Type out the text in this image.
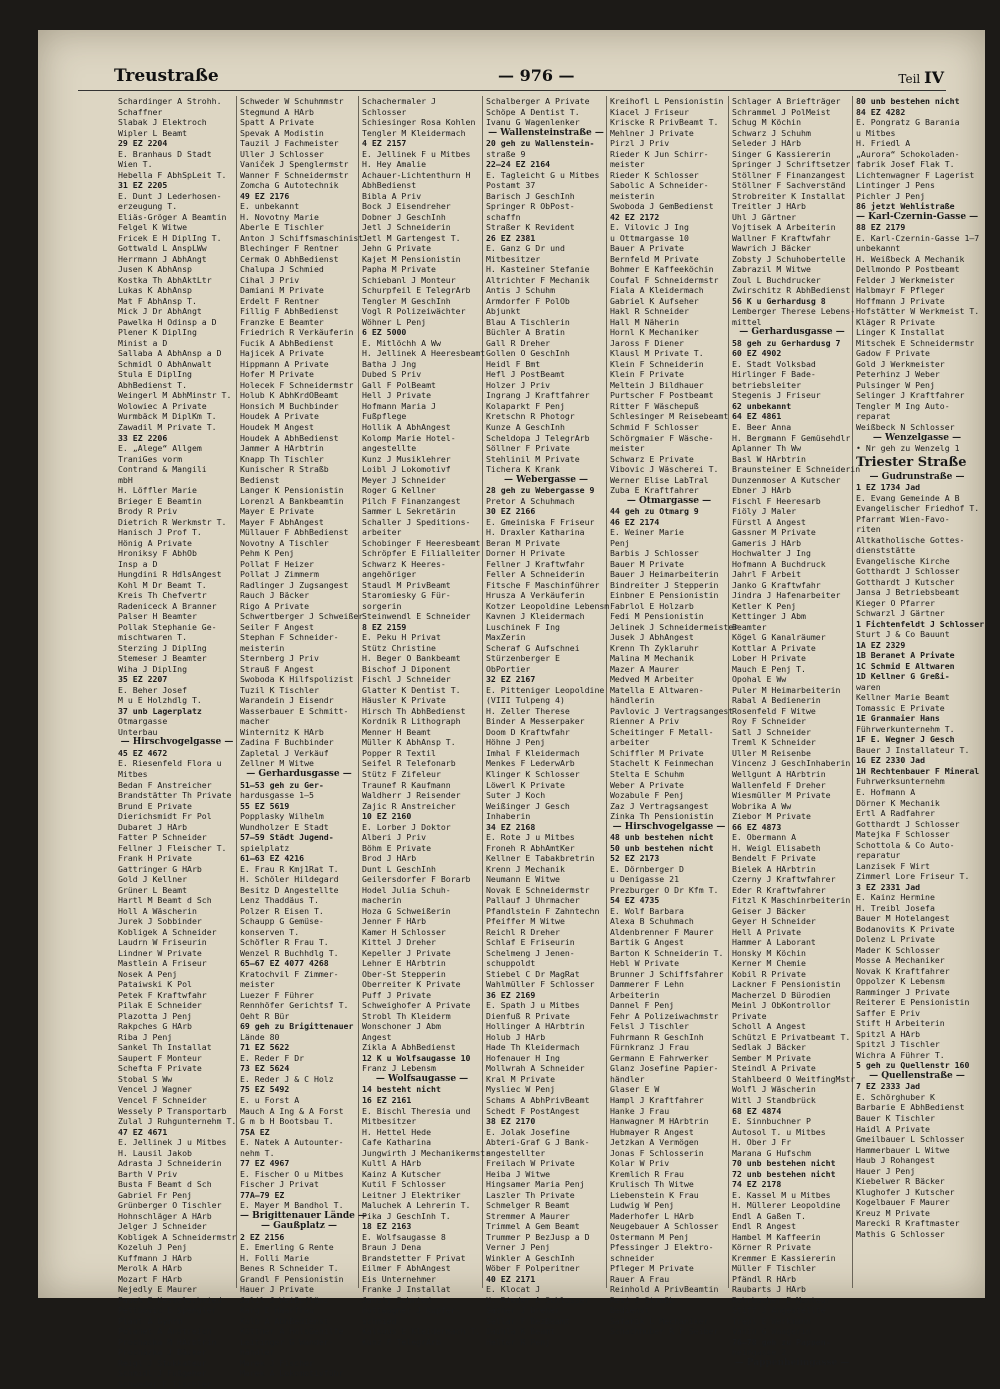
Treustraße	— 976 —	Teil IV
Schardinger A Strohh.
Schaffner
Slabak J Elektroch
Wipler L Beamt
29 EZ 2204
E. Branhaus D Stadt
Wien T.
Hebella F AbhSpLeit T.
31 EZ 2205
E. Dunt J Lederhosen-
erzeugung T.
Eliäs-Gröger A Beamtin
Felgel K Witwe
Fricek E H DiplIng T.
Gottwald L AnspLWw
Herrmann J AbhAngt
Jusen K AbhAnsp
Kostka Th AbhAktLtr
Lukas K AbhAnsp
Mat F AbhAnsp T.
Mick J Dr AbhAngt
Pawelka H Odinsp a D
Plener K DiplIng
Minist a D
Sallaba A AbhAnsp a D
Schmidl O AbhAnwalt
Stula E DiplIng
AbhBedienst T.
Weingerl M AbhMinstr T.
Wolowiec A Private
Wurmbäck M DiplKm T.
Zawadil M Private T.
33 EZ 2206
E. „Alege“ Allgem
TraniGes vorm
Contrand & Mangili
mbH
H. Löffler Marie
Brieger E Beamtin
Brody R Priv
Dietrich R Werkmstr T.
Hanisch J Prof T.
Hönig A Private
Hroniksy F AbhOb
Insp a D
Hungdini R HdlsAngest
Kohl M Dr Beamt T.
Kreis Th Chefvertr
Radeniceck A Branner
Palser H Beamter
Pollak Stephanie Ge-
mischtwaren T.
Sterzing J DiplIng
Stemeser J Beamter
Wiha J DiplIng
35 EZ 2207
E. Beher Josef
M u E Holzhdlg T.
37 unb Lagerplatz
Otmargasse
Unterbau
— Hirschvogelgasse —
45 EZ 4672
E. Riesenfeld Flora u
Mitbes
Bedan F Anstreicher
Brandstätter Th Private
Brund E Private
Dierichsmidt Fr Pol
Dubaret J HArb
Fatter P Schneider
Fellner J Fleischer T.
Frank H Private
Gattringer G HArb
Gold J Kellner
Grüner L Beamt
Hartl M Beamt d Sch
Holl A Wäscherin
Jurek J Sobbinder
Kobligek A Schneider
Laudrn W Friseurin
Lindner W Private
Mastlein A Friseur
Nosek A Penj
Pataiwski K Pol
Petek F Kraftwfahr
Pilak E Schneider
Plazotta J Penj
Rakpches G HArb
Riba J Penj
Sankel Th Installat
Saupert F Monteur
Schefta F Private
Stobal S Ww
Vencel J Wagner
Vencel F Schneider
Wessely P Transportarb
Zulal J Ruhgunternehm T.
47 EZ 4671
E. Jellinek J u Mitbes
H. Lausil Jakob
Adrasta J Schneiderin
Barth V Priv
Busta F Beamt d Sch
Gabriel Fr Penj
Grünberger O Tischler
Hohnschläger A HArb
Jelger J Schneider
Kobligek A Schneidermstr
Kozeluh J Penj
Kuffmann J HArb
Merolk A HArb
Mozart F HArb
Nejedly E Maurer
Pauek E Kesselschmied
Pettbovic E Spengler
Plant A Gymrm
Polanet A Anstreich
Prochaska M HArbtrin
Procházka J Bäcker
Reigl J Stukkateur
Schmidl J Fußgeher
Schweder F Tischler
Schweder W Schuhmmstr
Stegmund A HArb
Spatt A Private
Spevak A Modistin
Tauzil J Fachmeister
Uller J Schlosser
Vaniček J Spenglermstr
Wanner F Schneidermstr
Zomcha G Autotechnik
49 EZ 2176
E. unbekannt
H. Novotny Marie
Aberle E Tischler
Anton J Schiffsmaschinist
Blechinger F Rentner
Cermak O AbhBedienst
Chalupa J Schmied
Cihal J Priv
Damiani M Private
Erdelt F Rentner
Fillig F AbhBedienst
Franzke E Beamter
Friedrich R Verkäuferin
Fucik A AbhBedienst
Hajicek A Private
Hippmann A Private
Hofer M Private
Holecek F Schneidermstr
Holub K AbhKrdOBeamt
Honsich M Buchbinder
Houdek A Private
Houdek M Angest
Houdek A AbhBedienst
Jammer A HArbtrin
Knapp Th Tischler
Kunischer R Straßb
Bedienst
Langer K Pensionistin
Lorenzl A Bankbeamtin
Mayer E Private
Mayer F AbhAngest
Müllauer F AbhBedienst
Novotny A Tischler
Pehm K Penj
Pollat F Heizer
Pollat J Zimmerm
Radlinger J Zugsangest
Rauch J Bäcker
Rigo A Private
Schwertberger J Schweißer
Seiler F Angest
Stephan F Schneider-
meisterin
Sternberg J Priv
Strauß F Angest
Swoboda K Hilfspolizist
Tuzil K Tischler
Warandein J Eisendr
Wasserbauer E Schmitt-
macher
Winternitz K HArb
Zadina F Buchbinder
Zapletal J Verkäuf
Zellner M Witwe
— Gerhardusgasse —
51—53 geh zu Ger-
hardusgasse 1—5
55 EZ 5619
Popplasky Wilhelm
Wundholzer E Stadt
57—59 Städt Jugend-
spielplatz
61—63 EZ 4216
E. Frau R Kmj1Rat T.
H. Schöler Hildegard
Besitz D Angestellte
Lenz Thaddäus T.
Polzer R Eisen T.
Schaupp G Gemüse-
konserven T.
Schöfler R Frau T.
Wenzel R Buchhdlg T.
65—67 EZ 4077 4268
Kratochvil F Zimmer-
meister
Luezer F Führer
Rennhöfer Gerichtsf T.
Oeht R Bür
69 geh zu Brigittenauer
Lände 80
71 EZ 5622
E. Reder F Dr
73 EZ 5624
E. Reder J & C Holz
75 EZ 5492
E. u Forst A
Mauch A Ing & A Forst
G m b H Bootsbau T.
75A EZ
E. Natek A Autounter-
nehm T.
77 EZ 4967
E. Fischer O u Mitbes
Fischer J Privat
77A—79 EZ
E. Mayer M Bandhol T.
— Brigittenauer Lände —
— Gaußplatz —
2 EZ 2156
E. Emerling G Rente
H. Folli Marie
Benes R Schneider T.
Grandl F Pensionistin
Hauer J Private
Jalil J Weißpflänz
Karg E Haarfrau
Kolb A AbhBedienst
Köttner A HdlsGehilfe
Leitinger G Wander-
händler
Marek J Fischer
Marek A Lokomotivführ
Schachermaler J
Schlosser
Schiesinger Rosa Kohlen
Tengler M Kleidermach
4 EZ 2157
E. Jellinek F u Mitbes
H. Hey Amalie
Achauer-Lichtenthurn H
AbhBedienst
Bibla A Priv
Bock J Eisendreher
Dobner J GeschInh
Jetl J Schneiderin
Jetl M Gartengest T.
Jehn G Private
Kajet M Pensionistin
Papha M Private
Schiebanl J Monteur
Schurpfeil E TelegrArb
Tengler M GeschInh
Vogl R Polizeiwächter
Wöhner L Penj
6 EZ 5000
E. Mitlöchh A Ww
H. Jellinek A Heeresbeamt
Batha J Jng
Dubed S Priv
Gall F PolBeamt
Hell J Private
Hofmann Maria J
Fußpflege
Hollik A AbhAngest
Kolomp Marie Hotel-
angestellte
Kunz J Musiklehrer
Loibl J Lokomotivf
Meyer J Schneider
Roger G Kellner
Pilch F Finanzangest
Sammer L Sekretärin
Schaller J Speditions-
arbeiter
Schobinger F Heeresbeamt
Schröpfer E Filialleiter
Schwarz K Heeres-
angehöriger
Staudl M PrivBeamt
Staromiesky G Für-
sorgerin
Steinwendl E Schneider
8 EZ 2159
E. Peku H Privat
Stütz Christine
H. Beger O Bankbeamt
Bischof J Diponent
Fischl J Schneider
Glatter K Dentist T.
Häusler K Private
Hirsch Th AbhBedienst
Kordnik R Lithograph
Menner H Beamt
Müller K AbhAnsp T.
Popper R Textil
Seifel R Telefonarb
Stütz F Zifeleur
Traunef R Kaufmann
Waldherr J Reisender
Zajic R Anstreicher
10 EZ 2160
E. Lorber J Doktor
Alberi J Priv
Böhm E Private
Brod J HArb
Dunt L GeschInh
Geilersdorfer F Borarb
Hodel Julia Schuh-
macherin
Hoza G Schweißerin
Jenner F HArb
Kamer H Schlosser
Kittel J Dreher
Kepeller J Private
Lehner E HArbtrin
Ober-St Stepperin
Oberreiter K Private
Puff J Private
Schweighofer A Private
Strobl Th Kleiderm
Wonschoner J Abm
Angest
Zikla A AbhBedienst
12 K u Wolfsaugasse 10
Franz J Lebensm
— Wolfsaugasse —
14 besteht nicht
16 EZ 2161
E. Bischl Theresia und
Mitbesitzer
H. Hettel Hede
Cafe Katharina
Jungwirth J Mechanikermstr
Kultl A HArb
Kainz A Kutscher
Kutil F Schlosser
Leitner J Elektriker
Maluchek A Lehrerin T.
Pika J GeschInh T.
18 EZ 2163
E. Wolfsaugasse 8
Braun J Dena
Brandstetter F Privat
Eilmer F AbhAngest
Eis Unternehmer
Franke J Installat
Jansty Schmied
Hottwagner J Kupfer-
schmied
Kalkous E Kleidermach T.
Kunz F TelegrArb
Schalberger A Private
Schöpe A Dentist T.
Ivanu G Wagenlenker
— Wallensteinstraße —
20 geh zu Wallenstein-
straße 9
22—24 EZ 2164
E. Tagleicht G u Mitbes
Postamt 37
Barisch J GeschInh
Springer R ObPost-
schaffn
Straßer K Revident
26 EZ 2381
E. Ganz G Dr und
Mitbesitzer
H. Kasteiner Stefanie
Altrichter F Mechanik
Antis J Schuhm
Armdorfer F PolOb
Abjunkt
Blau A Tischlerin
Büchler A Bratin
Gall R Dreher
Gollen O GeschInh
Heidl F Bmt
Hefl J PostBeamt
Holzer J Priv
Ingrang J Kraftfahrer
Kolaparkt F Penj
Kretschn R Photogr
Kunze A GeschInh
Scheldopa J TelegrArb
Söllner F Private
Stehlinil M Private
Tichera K Krank
— Webergasse —
28 geh zu Webergasse 9
Pretor A Schuhmach
30 EZ 2166
E. Gmeiniska F Friseur
H. Draxler Katharina
Beran M Private
Dorner H Private
Fellner J Kraftwfahr
Feller A Schneiderin
Fitsche F Maschinführer
Hrusza A Verkäuferin
Kotzer Leopoldine Lebensm
Kavnen J Kleidermach
Luschinek F Ing
MaxZerin
Scheraf G Aufschnei
Stürzenberger E
ObPortier
32 EZ 2167
E. Pitteniger Leopoldine
(VIII Tulpeng 4)
H. Zeller Therese
Binder A Messerpaker
Doom D Kraftwfahr
Höhne J Penj
Imhal F Kleidermach
Menkes F LederwArb
Klinger K Schlosser
Löwerl K Private
Suter J Koch
Weißinger J Gesch
Inhaberin
34 EZ 2168
E. Rote J u Mitbes
Froneh R AbhAmtKer
Kellner E Tabakbretrin
Krenn J Mechanik
Neumann E Witwe
Novak E Schneidermstr
Pallauf J Uhrmacher
Pfandlstein F Zahntechn
Pfeiffer M Witwe
Reichl R Dreher
Schlaf E Friseurin
Schelmeng J Jenen-
schuppoldt
Stiebel C Dr MagRat
Wahlmüller F Schlosser
36 EZ 2169
E. Spath J u Mitbes
Dienfuß R Private
Hollinger A HArbtrin
Holub J HArb
Hade Th Kleidermach
Hofenauer H Ing
Mollwrah A Schneider
Kral M Private
Mysliec W Penj
Schams A AbhPrivBeamt
Schedt F PostAngest
38 EZ 2170
E. Jolak Josefine
Abteri-Graf G J Bank-
angestellter
Freilach W Private
Heiba J Witwe
Hingsamer Maria Penj
Laszler Th Private
Schmelger R Beamt
Stremmer A Maurer
Trimmel A Gem Beamt
Trummer P BezJusp a D
Verner J Penj
Winkler A GeschInh
Wöber F Polperitner
40 EZ 2171
E. Klocat J
H. Rieder A Schlosser
Sacher J Dreher
Sellar F BezBeamt
Dauhla K Beamt
Helter R Penj
Kreihofl L Pensionistin
Kiacel J Friseur
Kriscke R PrivBeamt T.
Mehlner J Private
Pirzl J Priv
Rieder K Jun Schirr-
meister
Rieder K Schlosser
Sabolic A Schneider-
meisterin
Swoboda J GemBedienst
42 EZ 2172
E. Vilovic J Ing
u Ottmargasse 10
Bauer A Private
Bernfeld M Private
Bohmer E Kaffeeköchin
Coufal F Schneidermstr
Fiala A Kleidermach
Gabriel K Aufseher
Hakl R Schneider
Hall M Näherin
Hornl K Mechaniker
Jaross F Diener
Klausl M Private T.
Klein F Schneiderin
Klein F Private
Meltein J Bildhauer
Purtscher F Postbeamt
Ritter F Wäschepuß
Schlesinger M Reisebeamt
Schmid F Schlosser
Schörgmaier F Wäsche-
meister
Schwarz E Private
Vibovic J Wäscherei T.
Werner Elise LabTral
Zuba E Kraftfahrer
— Otmargasse —
44 geh zu Otmarg 9
46 EZ 2174
E. Weiner Marie
Penj
Barbis J Schlosser
Bauer M Private
Bauer J Heimarbeiterin
Bindreiter J Stepperin
Einbner E Pensionistin
Fabrlol E Holzarb
Fedi M Pensionistin
Jelinek J Schneidermeister
Jusek J AbhAngest
Krenn Th Zyklaruhr
Malina M Mechanik
Mazer A Maurer
Medved M Arbeiter
Matella E Altwaren-
händlerin
Pavlovic J Vertragsangest
Rienner A Priv
Scheitinger F Metall-
arbeiter
Schiffler M Private
Stachelt K Feinmechan
Stelta E Schuhm
Weber A Private
Wozabule F Penj
Zaz J Vertragsangest
Zinka Th Pensionistin
— Hirschvogelgasse —
48 unb bestehen nicht
50 unb bestehen nicht
52 EZ 2173
E. Dörnberger D
u Denigasse 21
Prezburger O Dr Kfm T.
54 EZ 4735
E. Wolf Barbara
Alexa B Schuhmach
Aldenbrenner F Maurer
Bartik G Angest
Barton K Schneiderin T.
Hebl W Private
Brunner J Schiffsfahrer
Dammerer F Lehn
Arbeiterin
Dannel F Penj
Fehr A Polizeiwachmstr
Felsl J Tischler
Fuhrmann R GeschInh
Fürnkranz J Frau
Germann E Fahrwerker
Glanz Josefine Papier-
händler
Glaser E W
Hampl J Kraftfahrer
Hanke J Frau
Hanwagner M HArbtrin
Hubmayer R Angest
Jetzkan A Vermögen
Jonas F Schlosserin
Kolar W Priv
Kremlich R Frau
Krulisch Th Witwe
Liebenstein K Frau
Ludwig W Penj
Maderhofer L HArb
Neugebauer A Schlosser
Ostermann M Penj
Pfessinger J Elektro-
schneider
Pfleger M Private
Rauer A Frau
Reinhold A PrivBeamtin
Resi J Straßb
Bedienst
Safarik L Mechaniker
Schachhuber R F Seiber
Schlager A Briefträger
Schrammel J PolMeist
Schug M Köchin
Schwarz J Schuhm
Seleder J HArb
Singer G Kassiererin
Springer J Schriftsetzer
Stöllner F Finanzangest
Stöllner F Sachverständ
Strobreiter K Installat
Treitler J HArb
Uhl J Gärtner
Vojtisek A Arbeiterin
Wallner F Kraftwfahr
Wawrich J Bäcker
Zobsty J Schuhobertelle
Zabrazil M Witwe
Zoul L Buchdrucker
Zwirschitz R AbhBedienst
56 K u Gerhardusg 8
Lemberger Therese Lebens-
mittel
— Gerhardusgasse —
58 geh zu Gerhardusg 7
60 EZ 4902
E. Stadt Volksbad
Hirlinger F Bade-
betriebsleiter
Stegenis J Friseur
62 unbekannt
64 EZ 4861
E. Beer Anna
H. Bergmann F Gemüsehdlr
Aplanner Th Ww
Basl W HArbtrin
Braunsteiner E Schneiderin
Dunzenmoser A Kutscher
Ebner J HArb
Fischl F Heeresarb
Fiöly J Maler
Fürstl A Angest
Gassner M Private
Gameris J HArb
Hochwalter J Ing
Hofmann A Buchdruck
Jahrl F Arbeit
Janko G Kraftwfahr
Jindra J Hafenarbeiter
Ketler K Penj
Kettinger J Abm
Beamter
Kögel G Kanalräumer
Kottlar A Private
Lober H Private
Mauch E Penj T.
Opohal E Ww
Puler M Heimarbeiterin
Rabal A Bedienerin
Rosenfeld F Witwe
Roy F Schneider
Satl J Schneider
Treml K Schneider
Uller M Reisenbe
Vincenz J GeschInhaberin
Wellgunt A HArbtrin
Wallenfeld F Dreher
Wiesmüller M Private
Wobrika A Ww
Ziebor M Private
66 EZ 4873
E. Obermann A
H. Weigl Elisabeth
Bendelt F Private
Bielek A HArbtrin
Czerny J Kraftwfahrer
Eder R Kraftwfahrer
Fitzl K Maschinrbeiterin
Geiser J Bäcker
Geyer H Schneider
Hell A Private
Hammer A Laborant
Honsky M Köchin
Kerner M Chemie
Kobil R Private
Lackner F Pensionistin
Macherzel D Bürodien
Meinl J ObKontrollor
Private
Scholl A Angest
Schützl E Privatbeamt T.
Sedlak J Bäcker
Sember M Private
Steindl A Private
Stahlbeerd O WeitfingMstr
Wolfl J Wäscherin
Witl J Standbrück
68 EZ 4874
E. Sinnbuchner P
Autosol T. u Mitbes
H. Ober J Fr
Marana G Hufschm
70 unb bestehen nicht
72 unb bestehen nicht
74 EZ 2178
E. Kassel M u Mitbes
H. Müllerer Leopoldine
Endl A Gaßen T.
Endl R Angest
Hambel M Kaffeerin
Körner R Private
Kremmer E Kassiererin
Müller F Tischler
Pfändl R HArb
Raubarts J HArb
Rohrbacher E Monteur
Stiff J Angestellte
Trepl E Werkmann
Vanin G Waagerin
76—78 geh zu Pappen-
heimgasse 2
— Pappenheimgasse —
80 unb bestehen nicht
84 EZ 4282
E. Pongratz G Barania
u Mitbes
H. Friedl A
„Aurora“ Schokoladen-
fabrik Josef Flak T.
Lichtenwagner F Lagerist
Lintinger J Pens
Pichler J Penj
86 jetzt Wehlistraße
— Karl-Czernin-Gasse —
88 EZ 2179
E. Karl-Czernin-Gasse 1—7
unbekannt
H. Weißbeck A Mechanik
Dellmondo P Postbeamt
Felder J Werkmeister
Halbmayr F Pfleger
Hoffmann J Private
Hofstätter W Werkmeist T.
Kläger R Private
Linger K Installat
Mitschek E Schneidermstr
Gadow F Private
Gold J Werkmeister
Peterhinz J Weber
Pulsinger W Penj
Selinger J Kraftfahrer
Tengler M Ing Auto-
reparat
Weißbeck N Schlosser
— Wenzelgasse —
• Nr geh zu Wenzelg 1
Triester Straße
— Gudrunstraße —
1 EZ 1734 Jad
E. Evang Gemeinde A B
Evangelischer Friedhof T.
Pfarramt Wien-Favo-
riten
Altkatholische Gottes-
dienststätte
Evangelische Kirche
Gotthardt J Schlosser
Gotthardt J Kutscher
Jansa J Betriebsbeamt
Kieger O Pfarrer
Schwarzl J Gärtner
1 Fichtenfeldt J Schlosser
Sturt J & Co Bauunt
1A EZ 2329
1B Beranet A Private
1C Schmid E Altwaren
1D Kellner G Greßi-
waren
Kellner Marie Beamt
Tomassic E Private
1E Granmaier Hans
Führwerkunternehm T.
1F E. Wegner J Gesch
Bauer J Installateur T.
1G EZ 2330 Jad
1H Rechtenbauer F Mineral
Fuhrwerksunternehm
E. Hofmann A
Dörner K Mechanik
Ertl A Radfahrer
Gotthardt J Schlosser
Matejka F Schlosser
Schottola & Co Auto-
reparatur
Lanzisek F Wirt
Zimmerl Lore Friseur T.
3 EZ 2331 Jad
E. Kainz Hermine
H. Treibl Josefa
Bauer M Hotelangest
Bodanovits K Private
Dolenz L Private
Mader K Schlosser
Mosse A Mechaniker
Novak K Kraftfahrer
Oppolzer K Lebensm
Ramminger J Private
Reiterer E Pensionistin
Saffer E Priv
Stift H Arbeiterin
Spitzl A HArb
Spitzl J Tischler
Wichra A Führer T.
5 geh zu Quellenstr 160
— Quellenstraße —
7 EZ 2333 Jad
E. Schörghuber K
Barbarie E AbhBedienst
Bauer K Tischler
Haidl A Private
Gmeilbauer L Schlosser
Hammerbauer L Witwe
Haub J Rohangest
Hauer J Penj
Kiebelwer R Bäcker
Klughofer J Kutscher
Kogelbauer F Maurer
Kreuz M Private
Marecki R Kraftmaster
Mathis G Schlosser
